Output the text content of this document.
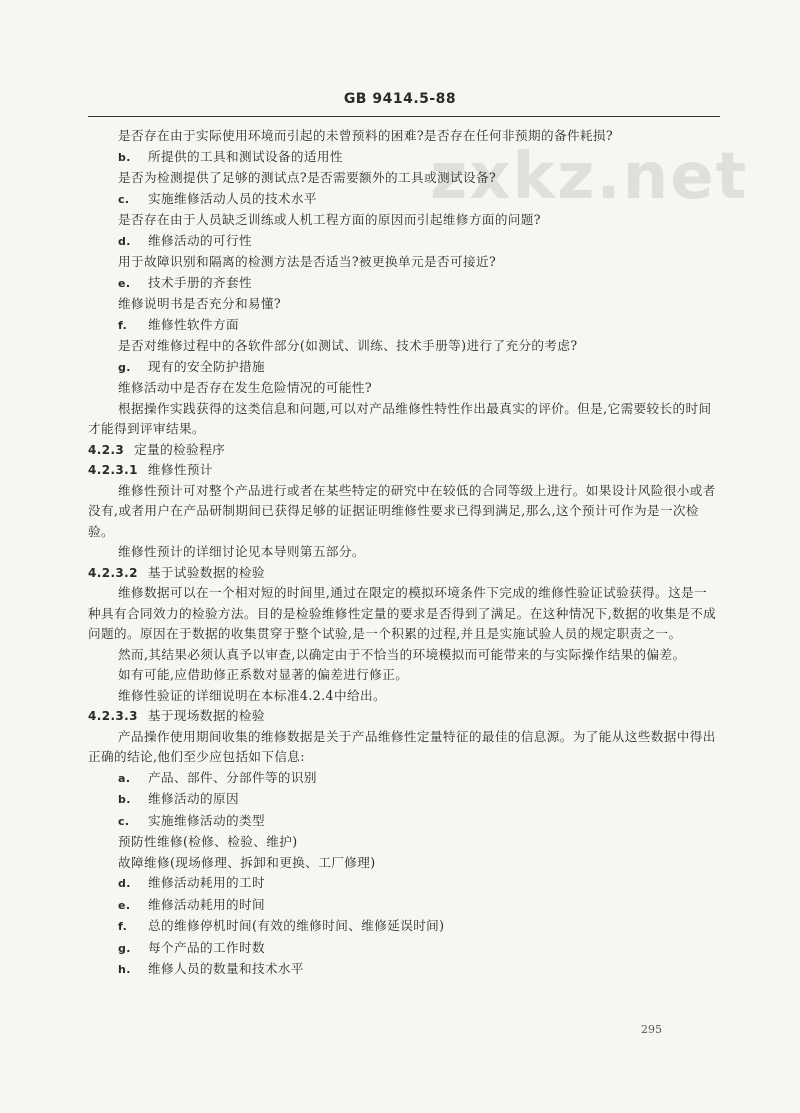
GB 9414.5-88
zxkz.net
是否存在由于实际使用环境而引起的未曾预料的困难?是否存在任何非预期的备件耗损?
b. 所提供的工具和测试设备的适用性
是否为检测提供了足够的测试点?是否需要额外的工具或测试设备?
c. 实施维修活动人员的技术水平
是否存在由于人员缺乏训练或人机工程方面的原因而引起维修方面的问题?
d. 维修活动的可行性
用于故障识别和隔离的检测方法是否适当?被更换单元是否可接近?
e. 技术手册的齐套性
维修说明书是否充分和易懂?
f. 维修性软件方面
是否对维修过程中的各软件部分(如测试、训练、技术手册等)进行了充分的考虑?
g. 现有的安全防护措施
维修活动中是否存在发生危险情况的可能性?
根据操作实践获得的这类信息和问题,可以对产品维修性特性作出最真实的评价。但是,它需要较长的时间才能得到评审结果。
4.2.3 定量的检验程序
4.2.3.1 维修性预计
维修性预计可对整个产品进行或者在某些特定的研究中在较低的合同等级上进行。如果设计风险很小或者没有,或者用户在产品研制期间已获得足够的证据证明维修性要求已得到满足,那么,这个预计可作为是一次检验。
维修性预计的详细讨论见本导则第五部分。
4.2.3.2 基于试验数据的检验
维修数据可以在一个相对短的时间里,通过在限定的模拟环境条件下完成的维修性验证试验获得。这是一种具有合同效力的检验方法。目的是检验维修性定量的要求是否得到了满足。在这种情况下,数据的收集是不成问题的。原因在于数据的收集贯穿于整个试验,是一个积累的过程,并且是实施试验人员的规定职责之一。
然而,其结果必须认真予以审查,以确定由于不恰当的环境模拟而可能带来的与实际操作结果的偏差。
如有可能,应借助修正系数对显著的偏差进行修正。
维修性验证的详细说明在本标准4.2.4中给出。
4.2.3.3 基于现场数据的检验
产品操作使用期间收集的维修数据是关于产品维修性定量特征的最佳的信息源。为了能从这些数据中得出正确的结论,他们至少应包括如下信息:
a. 产品、部件、分部件等的识别
b. 维修活动的原因
c. 实施维修活动的类型
预防性维修(检修、检验、维护)
故障维修(现场修理、拆卸和更换、工厂修理)
d. 维修活动耗用的工时
e. 维修活动耗用的时间
f. 总的维修停机时间(有效的维修时间、维修延误时间)
g. 每个产品的工作时数
h. 维修人员的数量和技术水平
295
